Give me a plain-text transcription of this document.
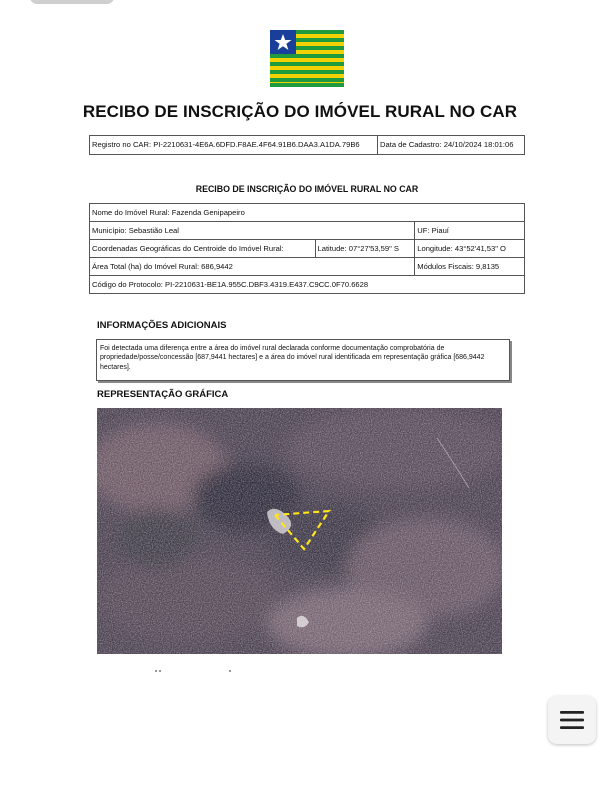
RECIBO DE INSCRIÇÃO DO IMÓVEL RURAL NO CAR
Registro no CAR: PI-2210631-4E6A.6DFD.F8AE.4F64.91B6.DAA3.A1DA.79B6	Data de Cadastro: 24/10/2024 18:01:06
RECIBO DE INSCRIÇÃO DO IMÓVEL RURAL NO CAR
Nome do Imóvel Rural: Fazenda Genipapeiro		
Município: Sebastião Leal		UF: Piauí
Coordenadas Geográficas do Centroide do Imóvel Rural:	Latitude: 07°27'53,59" S	Longitude: 43°52'41,53" O
Área Total (ha) do Imóvel Rural: 686,9442		Módulos Fiscais: 9,8135
Código do Protocolo: PI-2210631-BE1A.955C.DBF3.4319.E437.C9CC.0F70.6628		
INFORMAÇÕES ADICIONAIS
Foi detectada uma diferença entre a área do imóvel rural declarada conforme documentação comprobatória de propriedade/posse/concessão [687,9441 hectares] e a área do imóvel rural identificada em representação gráfica [686,9442 hectares].
REPRESENTAÇÃO GRÁFICA
